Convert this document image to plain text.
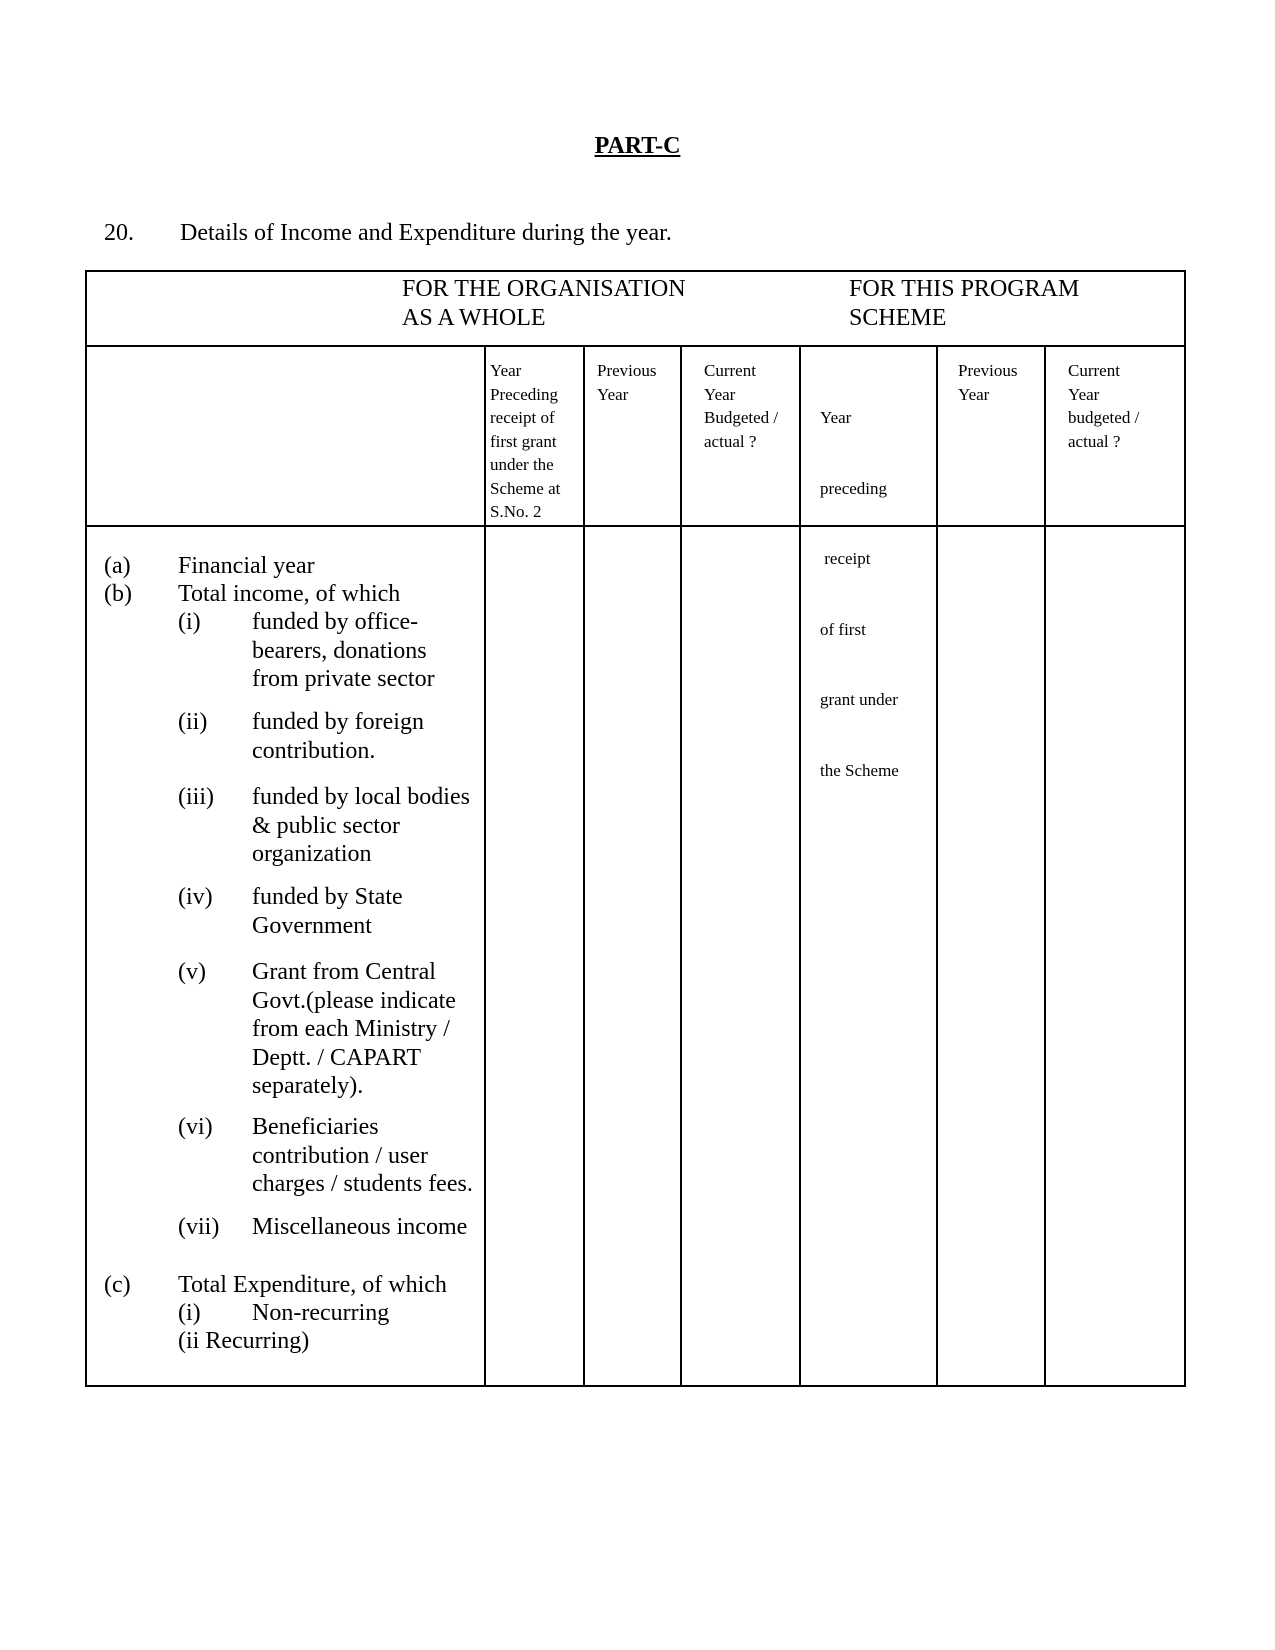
PART-C
20. Details of Income and Expenditure during the year.
FOR THE ORGANISATION
AS A WHOLE
FOR THIS PROGRAM
SCHEME
Year
Preceding
receipt of
first grant
under the
Scheme at
S.No. 2
Previous
Year
Current
Year
Budgeted /
actual ?

Year

preceding

receipt

of first

grant under

the Scheme

Previous
Year
Current
Year
budgeted /
actual ?
(a) Financial year
(b) Total income, of which
(i) funded by office-
bearers, donations
from private sector
(ii) funded by foreign
contribution.
(iii) funded by local bodies
& public sector
organization
(iv) funded by State
Government
(v) Grant from Central
Govt.(please indicate
from each Ministry /
Deptt. / CAPART
separately).
(vi) Beneficiaries
contribution / user
charges / students fees.
(vii) Miscellaneous income
(c) Total Expenditure, of which
(i) Non-recurring
(ii Recurring)
